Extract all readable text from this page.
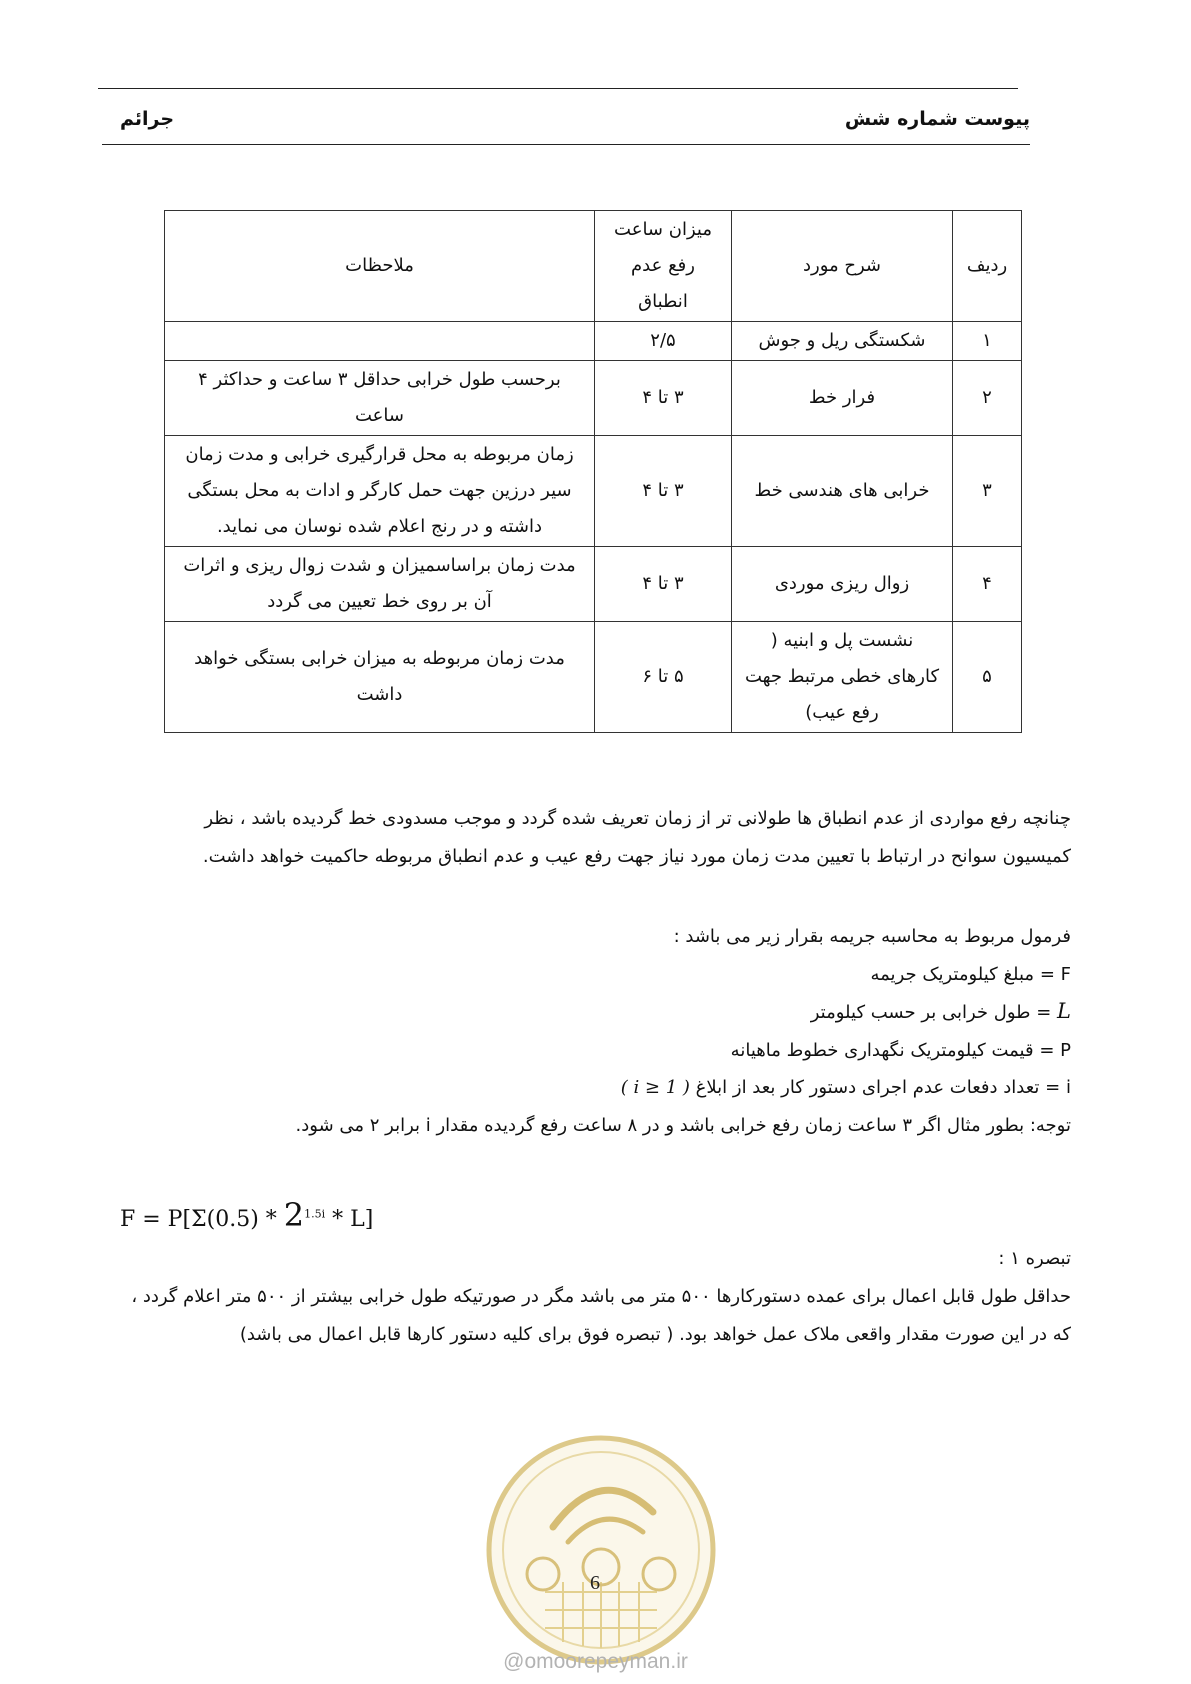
پیوست شماره شش
جرائم
ردیف	شرح مورد	میزان ساعت رفع عدم انطباق	ملاحظات
۱	شکستگی ریل و جوش	۲/۵	
۲	فرار خط	۳ تا ۴	برحسب طول خرابی حداقل ۳ ساعت و حداکثر ۴ ساعت
۳	خرابی های هندسی خط	۳ تا ۴	زمان مربوطه به محل قرارگیری خرابی و مدت زمان سیر درزین جهت حمل کارگر و ادات به محل بستگی داشته و در رنج اعلام شده نوسان می نماید.
۴	زوال ریزی موردی	۳ تا ۴	مدت زمان براساسمیزان و شدت زوال ریزی و اثرات آن بر روی خط تعیین می گردد
۵	نشست پل و ابنیه ( کارهای خطی مرتبط جهت رفع عیب)	۵ تا ۶	مدت زمان مربوطه به میزان خرابی بستگی خواهد داشت
چنانچه رفع مواردی از عدم انطباق ها طولانی تر از زمان تعریف شده گردد و موجب مسدودی خط گردیده باشد ، نظر کمیسیون سوانح در ارتباط با تعیین مدت زمان مورد نیاز جهت رفع عیب و عدم انطباق مربوطه حاکمیت خواهد داشت.
فرمول مربوط به محاسبه جریمه بقرار زیر می باشد :
F = مبلغ کیلومتریک جریمه
L = طول خرابی بر حسب کیلومتر
P = قیمت کیلومتریک نگهداری خطوط ماهیانه
i = تعداد دفعات عدم اجرای دستور کار بعد از ابلاغ ( i ≥ 1 )
توجه: بطور مثال اگر ۳ ساعت زمان رفع خرابی باشد و در ۸ ساعت رفع گردیده مقدار i برابر ۲ می شود.
$F = P[\Sigma(0.5) * 2^{1.5i} * L]$
تبصره ۱ :
حداقل طول قابل اعمال برای عمده دستورکارها ۵۰۰ متر می باشد مگر در صورتیکه طول خرابی بیشتر از ۵۰۰ متر اعلام گردد ، که در این صورت مقدار واقعی ملاک عمل خواهد بود. ( تبصره فوق برای کلیه دستور کارها قابل اعمال می باشد)
6
@omoorepeyman.ir
